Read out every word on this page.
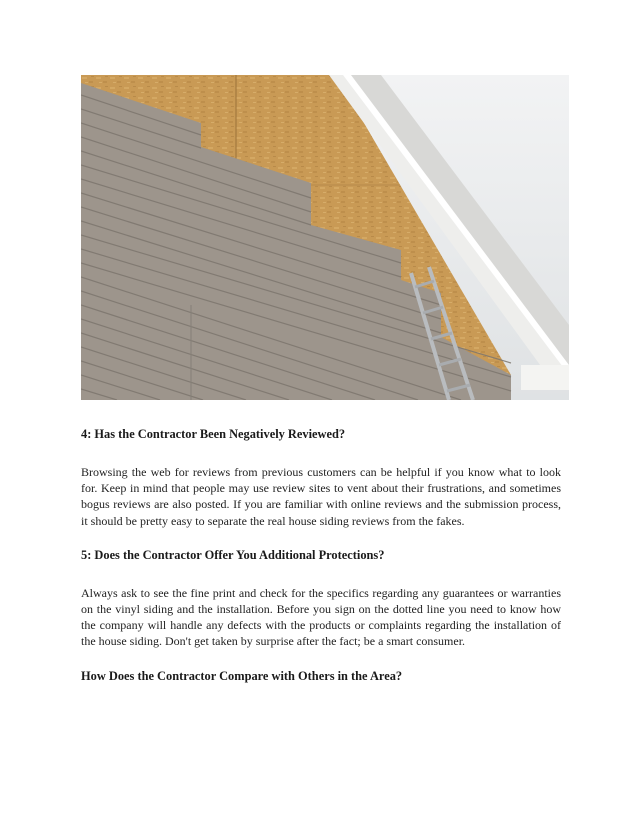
4: Has the Contractor Been Negatively Reviewed?

Browsing the web for reviews from previous customers can be helpful if you know what to look for. Keep in mind that people may use review sites to vent about their frustrations, and sometimes bogus reviews are also posted. If you are familiar with online reviews and the submission process, it should be pretty easy to separate the real house siding reviews from the fakes.

5: Does the Contractor Offer You Additional Protections?

Always ask to see the fine print and check for the specifics regarding any guarantees or warranties on the vinyl siding and the installation. Before you sign on the dotted line you need to know how the company will handle any defects with the products or complaints regarding the installation of the house siding. Don't get taken by surprise after the fact; be a smart consumer.

How Does the Contractor Compare with Others in the Area?
